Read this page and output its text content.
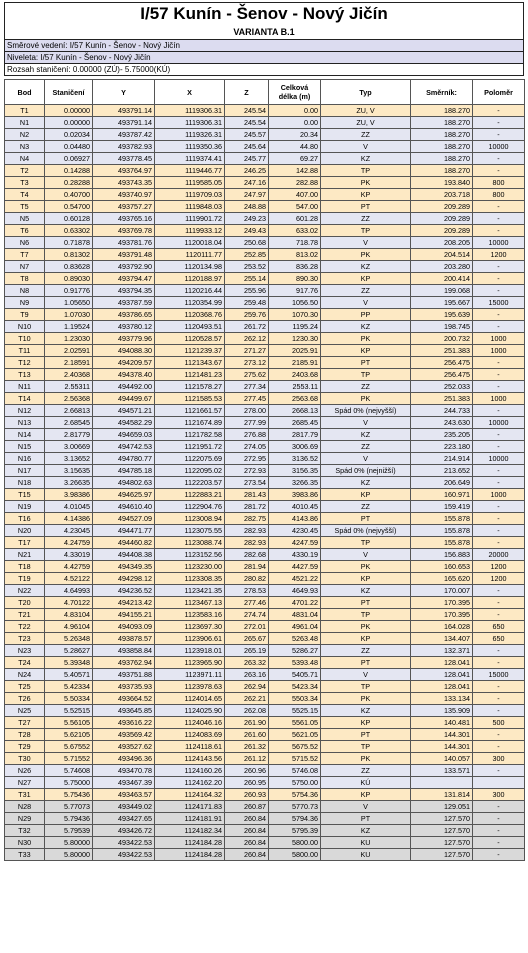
I/57 Kunín - Šenov - Nový Jičín
VARIANTA B.1
Směrové vedení: I/57 Kunín - Šenov - Nový Jičín
Niveleta: I/57 Kunín - Šenov - Nový Jičín
Rozsah staničení: 0.00000 (ZÚ)- 5.75000(KÚ)
Bod	Staničení	Y	X	Z	Celková délka (m)	Typ	Směrník:	Poloměr
T1	0.00000	493791.14	1119306.31	245.54	0.00	ZU, V	188.270	-
N1	0.00000	493791.14	1119306.31	245.54	0.00	ZU, V	188.270	-
N2	0.02034	493787.42	1119326.31	245.57	20.34	ZZ	188.270	-
N3	0.04480	493782.93	1119350.36	245.64	44.80	V	188.270	10000
N4	0.06927	493778.45	1119374.41	245.77	69.27	KZ	188.270	-
T2	0.14288	493764.97	1119446.77	246.25	142.88	TP	188.270	-
T3	0.28288	493743.35	1119585.05	247.16	282.88	PK	193.840	800
T4	0.40700	493740.97	1119709.03	247.97	407.00	KP	203.718	800
T5	0.54700	493757.27	1119848.03	248.88	547.00	PT	209.289	-
N5	0.60128	493765.16	1119901.72	249.23	601.28	ZZ	209.289	-
T6	0.63302	493769.78	1119933.12	249.43	633.02	TP	209.289	-
N6	0.71878	493781.76	1120018.04	250.68	718.78	V	208.205	10000
T7	0.81302	493791.48	1120111.77	252.85	813.02	PK	204.514	1200
N7	0.83628	493792.90	1120134.98	253.52	836.28	KZ	203.280	-
T8	0.89030	493794.47	1120188.97	255.14	890.30	KP	200.414	-
N8	0.91776	493794.35	1120216.44	255.96	917.76	ZZ	199.068	-
N9	1.05650	493787.59	1120354.99	259.48	1056.50	V	195.667	15000
T9	1.07030	493786.65	1120368.76	259.76	1070.30	PP	195.639	-
N10	1.19524	493780.12	1120493.51	261.72	1195.24	KZ	198.745	-
T10	1.23030	493779.96	1120528.57	262.12	1230.30	PK	200.732	1000
T11	2.02591	494088.30	1121239.37	271.27	2025.91	KP	251.383	1000
T12	2.18591	494209.57	1121343.67	273.12	2185.91	PT	256.475	-
T13	2.40368	494378.40	1121481.23	275.62	2403.68	TP	256.475	-
N11	2.55311	494492.00	1121578.27	277.34	2553.11	ZZ	252.033	-
T14	2.56368	494499.67	1121585.53	277.45	2563.68	PK	251.383	1000
N12	2.66813	494571.21	1121661.57	278.00	2668.13	Spád 0% (nejvyšší)	244.733	-
N13	2.68545	494582.29	1121674.89	277.99	2685.45	V	243.630	10000
N14	2.81779	494659.03	1121782.58	276.88	2817.79	KZ	235.205	-
N15	3.00669	494742.53	1121951.72	274.05	3006.69	ZZ	223.180	-
N16	3.13652	494780.77	1122075.69	272.95	3136.52	V	214.914	10000
N17	3.15635	494785.18	1122095.02	272.93	3156.35	Spád 0% (nejnižší)	213.652	-
N18	3.26635	494802.63	1122203.57	273.54	3266.35	KZ	206.649	-
T15	3.98386	494625.97	1122883.21	281.43	3983.86	KP	160.971	1000
N19	4.01045	494610.40	1122904.76	281.72	4010.45	ZZ	159.419	-
T16	4.14386	494527.09	1123008.94	282.75	4143.86	PT	155.878	-
N20	4.23045	494471.77	1123075.55	282.93	4230.45	Spád 0% (nejvyšší)	155.878	-
T17	4.24759	494460.82	1123088.74	282.93	4247.59	TP	155.878	-
N21	4.33019	494408.38	1123152.56	282.68	4330.19	V	156.883	20000
T18	4.42759	494349.35	1123230.00	281.94	4427.59	PK	160.653	1200
T19	4.52122	494298.12	1123308.35	280.82	4521.22	KP	165.620	1200
N22	4.64993	494236.52	1123421.35	278.53	4649.93	KZ	170.007	-
T20	4.70122	494213.42	1123467.13	277.46	4701.22	PT	170.395	-
T21	4.83104	494155.21	1123583.16	274.74	4831.04	TP	170.395	-
T22	4.96104	494093.09	1123697.30	272.01	4961.04	PK	164.028	650
T23	5.26348	493878.57	1123906.61	265.67	5263.48	KP	134.407	650
N23	5.28627	493858.84	1123918.01	265.19	5286.27	ZZ	132.371	-
T24	5.39348	493762.94	1123965.90	263.32	5393.48	PT	128.041	-
N24	5.40571	493751.88	1123971.11	263.16	5405.71	V	128.041	15000
T25	5.42334	493735.93	1123978.63	262.94	5423.34	TP	128.041	-
T26	5.50334	493664.52	1124014.65	262.21	5503.34	PK	133.134	-
N25	5.52515	493645.85	1124025.90	262.08	5525.15	KZ	135.909	-
T27	5.56105	493616.22	1124046.16	261.90	5561.05	KP	140.481	500
T28	5.62105	493569.42	1124083.69	261.60	5621.05	PT	144.301	-
T29	5.67552	493527.62	1124118.61	261.32	5675.52	TP	144.301	-
T30	5.71552	493496.36	1124143.56	261.12	5715.52	PK	140.057	300
N26	5.74608	493470.78	1124160.26	260.96	5746.08	ZZ	133.571	-
N27	5.75000	493467.39	1124162.20	260.95	5750.00	KÚ		
T31	5.75436	493463.57	1124164.32	260.93	5754.36	KP	131.814	300
N28	5.77073	493449.02	1124171.83	260.87	5770.73	V	129.051	-
N29	5.79436	493427.65	1124181.91	260.84	5794.36	PT	127.570	-
T32	5.79539	493426.72	1124182.34	260.84	5795.39	KZ	127.570	-
N30	5.80000	493422.53	1124184.28	260.84	5800.00	KU	127.570	-
T33	5.80000	493422.53	1124184.28	260.84	5800.00	KU	127.570	-
